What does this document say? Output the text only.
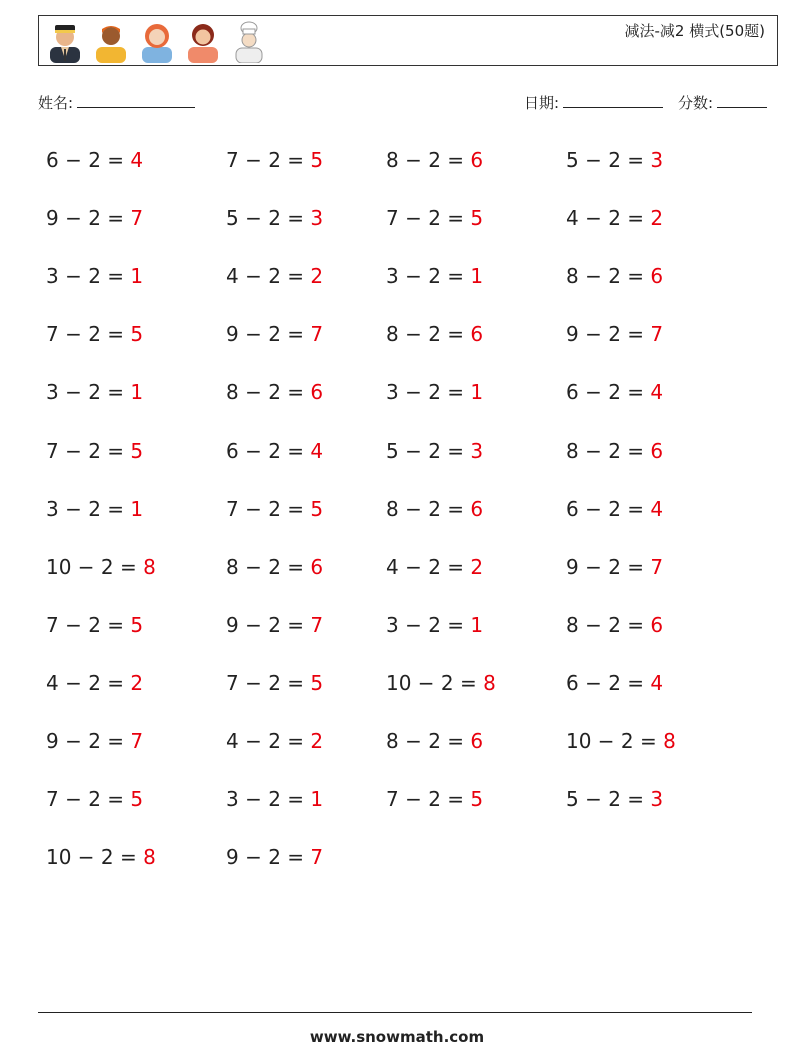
减法-减2 横式(50题)
姓名:	日期:	分数:
6 − 2 = 4	7 − 2 = 5	8 − 2 = 6	5 − 2 = 3
9 − 2 = 7	5 − 2 = 3	7 − 2 = 5	4 − 2 = 2
3 − 2 = 1	4 − 2 = 2	3 − 2 = 1	8 − 2 = 6
7 − 2 = 5	9 − 2 = 7	8 − 2 = 6	9 − 2 = 7
3 − 2 = 1	8 − 2 = 6	3 − 2 = 1	6 − 2 = 4
7 − 2 = 5	6 − 2 = 4	5 − 2 = 3	8 − 2 = 6
3 − 2 = 1	7 − 2 = 5	8 − 2 = 6	6 − 2 = 4
10 − 2 = 8	8 − 2 = 6	4 − 2 = 2	9 − 2 = 7
7 − 2 = 5	9 − 2 = 7	3 − 2 = 1	8 − 2 = 6
4 − 2 = 2	7 − 2 = 5	10 − 2 = 8	6 − 2 = 4
9 − 2 = 7	4 − 2 = 2	8 − 2 = 6	10 − 2 = 8
7 − 2 = 5	3 − 2 = 1	7 − 2 = 5	5 − 2 = 3
10 − 2 = 8	9 − 2 = 7
www.snowmath.com
